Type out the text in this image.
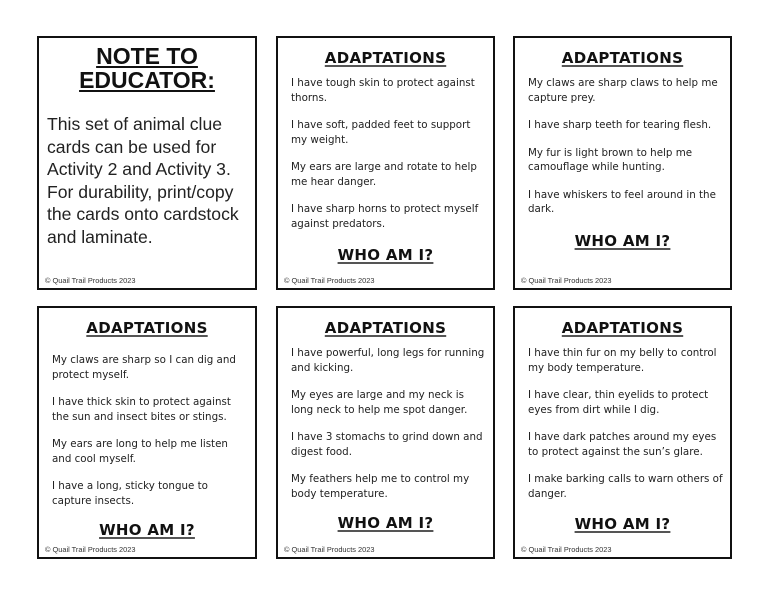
NOTE TO
EDUCATOR:
This set of animal clue cards can be used for Activity 2 and Activity 3. For durability, print/copy the cards onto cardstock and laminate.
© Quail Trail Products 2023
ADAPTATIONS
I have tough skin to protect against thorns.
I have soft, padded feet to support my weight.
My ears are large and rotate to help me hear danger.
I have sharp horns to protect myself against predators.
WHO AM I?
© Quail Trail Products 2023
ADAPTATIONS
My claws are sharp claws to help me capture prey.
I have sharp teeth for tearing flesh.
My fur is light brown to help me camouflage while hunting.
I have whiskers to feel around in the dark.
WHO AM I?
© Quail Trail Products 2023
ADAPTATIONS
My claws are sharp so I can dig and protect myself.
I have thick skin to protect against the sun and insect bites or stings.
My ears are long to help me listen and cool myself.
I have a long, sticky tongue to capture insects.
WHO AM I?
© Quail Trail Products 2023
ADAPTATIONS
I have powerful, long legs for running and kicking.
My eyes are large and my neck is long neck to help me spot danger.
I have 3 stomachs to grind down and digest food.
My feathers help me to control my body temperature.
WHO AM I?
© Quail Trail Products 2023
ADAPTATIONS
I have thin fur on my belly to control my body temperature.
I have clear, thin eyelids to protect eyes from dirt while I dig.
I have dark patches around my eyes to protect against the sun’s glare.
I make barking calls to warn others of danger.
WHO AM I?
© Quail Trail Products 2023
